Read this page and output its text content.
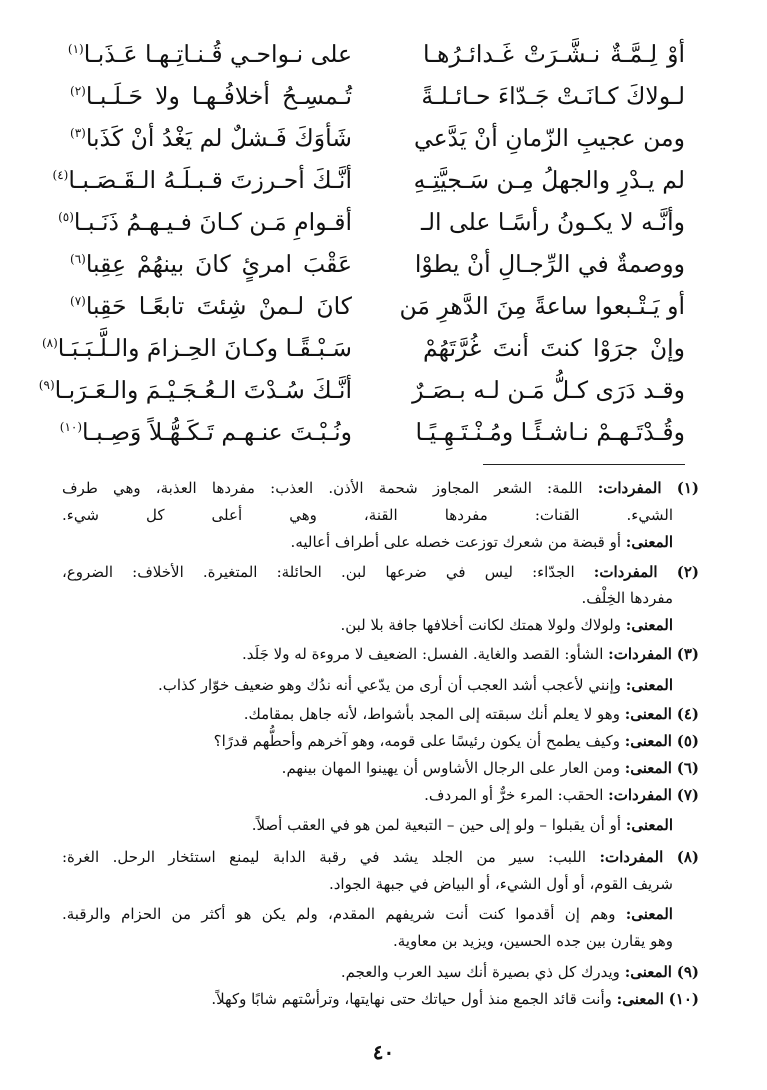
أوْ لِـمَّـةٌ نـشَّـرَتْ غَـدائـرُهـا
على نـواحـي قُـنـاتِـهـا عَـذَبـا$^{(١)}$
لـولاكَ كـانَـتْ جَـدّاءَ حـائـلـةً
تُـمسِـحُ أخلافُـهـا ولا حَـلَـبـا$^{(٢)}$
ومن عجيبِ الزّمانِ أنْ يَدَّعي
شَأوَكَ فَـشلٌ لم يَغْدُ أنْ كَذَبا$^{(٣)}$
لم يـدْرِ والجهلُ مِـن سَـجيَّتِـهِ
أنَّـكَ أحـرزتَ قـبـلَـهُ الـقَـصَـبـا$^{(٤)}$
وأنَّـه لا يكـونُ رأسًـا على الـ
أقـوامِ مَـن كـانَ فـيـهـمُ ذَنَـبـا$^{(٥)}$
ووصمةٌ في الرِّجـالِ أنْ يطوْا
عَقْبَ امرئٍ كانَ بينهُمْ عِقِبا$^{(٦)}$
أو يَـتْـبعوا ساعةً مِنَ الدَّهرِ مَن
كانَ لـمنْ شِئتَ تابعًـا حَقِبا$^{(٧)}$
وإنْ جرَوْا كنتَ أنتَ غُرَّتَهُمْ
سَـبْـقًـا وكـانَ الحِـزامَ والـلَّـبَـبَـا$^{(٨)}$
وقـد دَرَى كـلُّ مَـن لـه بـصَـرٌ
أنَّـكَ سُـدْتَ الـعُـجَـيْـمَ والـعَـرَبـا$^{(٩)}$
وقُـدْتَـهـمْ نـاشـئًـا ومُـنْـتَـهِـيًـا
ونُـبْـتَ عنـهـم تَـكَـهُّـلاً وَصِـبـا$^{(١٠)}$
(١) المفردات: اللمة: الشعر المجاوز شحمة الأذن. العذب: مفردها العذبة، وهي طرف
الشيء. القنات: مفردها القنة، وهي أعلى كل شيء.
المعنى: أو قبضة من شعرك توزعت خصله على أطراف أعاليه.
(٢) المفردات: الجدّاء: ليس في ضرعها لبن. الحائلة: المتغيرة. الأخلاف: الضروع،
مفردها الخِلْف.
المعنى: ولولاك ولولا همتك لكانت أخلافها جافة بلا لبن.
(٣) المفردات: الشأو: القصد والغاية. الفسل: الضعيف لا مروءة له ولا جَلَد.
المعنى: وإنني لأعجب أشد العجب أن أرى من يدّعي أنه ندُك وهو ضعيف خوّار كذاب.
(٤) المعنى: وهو لا يعلم أنك سبقته إلى المجد بأشواط، لأنه جاهل بمقامك.
(٥) المعنى: وكيف يطمح أن يكون رئيسًا على قومه، وهو آخرهم وأحطُّهم قدرًا؟
(٦) المعنى: ومن العار على الرجال الأشاوس أن يهينوا المهان بينهم.
(٧) المفردات: الحقب: المرء خرٌّ أو المردف.
المعنى: أو أن يقبلوا – ولو إلى حين – التبعية لمن هو في العقب أصلاً.
(٨) المفردات: اللبب: سير من الجلد يشد في رقبة الدابة ليمنع استئخار الرحل. الغرة:
شريف القوم، أو أول الشيء، أو البياض في جبهة الجواد.
المعنى: وهم إن أقدموا كنت أنت شريفهم المقدم، ولم يكن هو أكثر من الحزام والرقبة.
وهو يقارن بين جده الحسين، ويزيد بن معاوية.
(٩) المعنى: ويدرك كل ذي بصيرة أنك سيد العرب والعجم.
(١٠) المعنى: وأنت قائد الجمع منذ أول حياتك حتى نهايتها، وترأسْتهم شابًا وكهلاً.
٤٠
